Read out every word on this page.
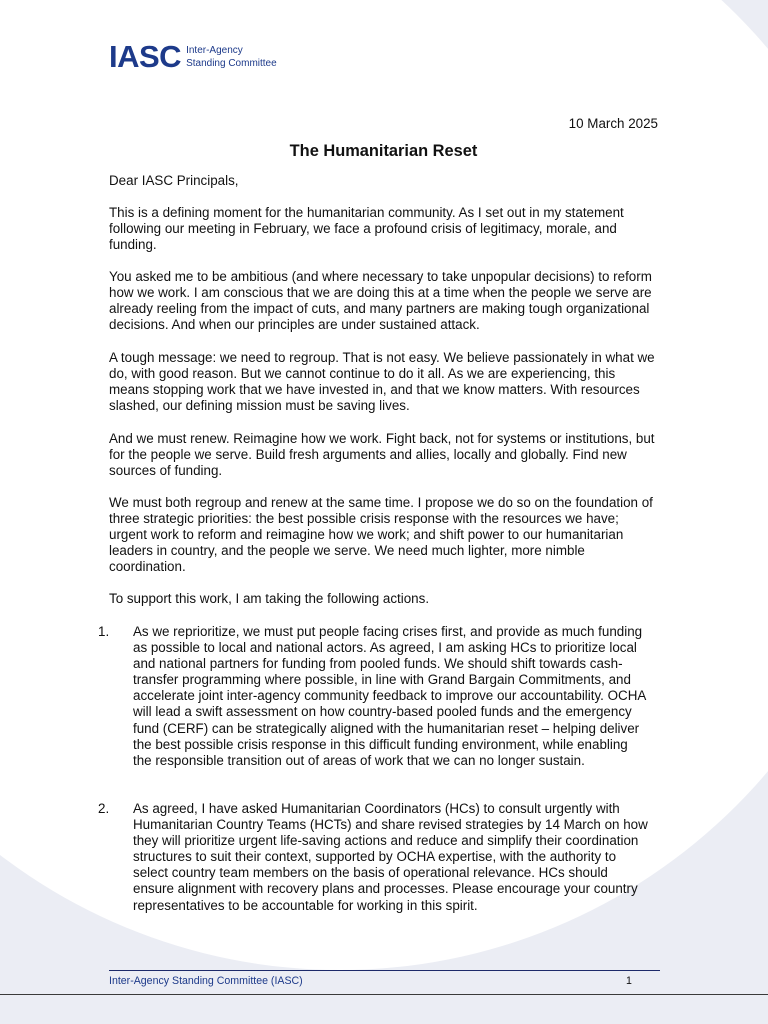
IASC Inter-Agency
Standing Committee
10 March 2025
The Humanitarian Reset

Dear IASC Principals,

This is a defining moment for the humanitarian community. As I set out in my statement following our meeting in February, we face a profound crisis of legitimacy, morale, and funding.

You asked me to be ambitious (and where necessary to take unpopular decisions) to reform how we work. I am conscious that we are doing this at a time when the people we serve are already reeling from the impact of cuts, and many partners are making tough organizational decisions. And when our principles are under sustained attack.

A tough message: we need to regroup. That is not easy. We believe passionately in what we do, with good reason. But we cannot continue to do it all. As we are experiencing, this means stopping work that we have invested in, and that we know matters. With resources slashed, our defining mission must be saving lives.

And we must renew. Reimagine how we work. Fight back, not for systems or institutions, but for the people we serve. Build fresh arguments and allies, locally and globally. Find new sources of funding.

We must both regroup and renew at the same time. I propose we do so on the foundation of three strategic priorities: the best possible crisis response with the resources we have; urgent work to reform and reimagine how we work; and shift power to our humanitarian leaders in country, and the people we serve. We need much lighter, more nimble coordination.

To support this work, I am taking the following actions.

1. As we reprioritize, we must put people facing crises first, and provide as much funding as possible to local and national actors. As agreed, I am asking HCs to prioritize local and national partners for funding from pooled funds. We should shift towards cash-transfer programming where possible, in line with Grand Bargain Commitments, and accelerate joint inter-agency community feedback to improve our accountability. OCHA will lead a swift assessment on how country-based pooled funds and the emergency fund (CERF) can be strategically aligned with the humanitarian reset – helping deliver the best possible crisis response in this difficult funding environment, while enabling the responsible transition out of areas of work that we can no longer sustain.

2. As agreed, I have asked Humanitarian Coordinators (HCs) to consult urgently with Humanitarian Country Teams (HCTs) and share revised strategies by 14 March on how they will prioritize urgent life-saving actions and reduce and simplify their coordination structures to suit their context, supported by OCHA expertise, with the authority to select country team members on the basis of operational relevance. HCs should ensure alignment with recovery plans and processes. Please encourage your country representatives to be accountable for working in this spirit.

Inter-Agency Standing Committee (IASC)	1
